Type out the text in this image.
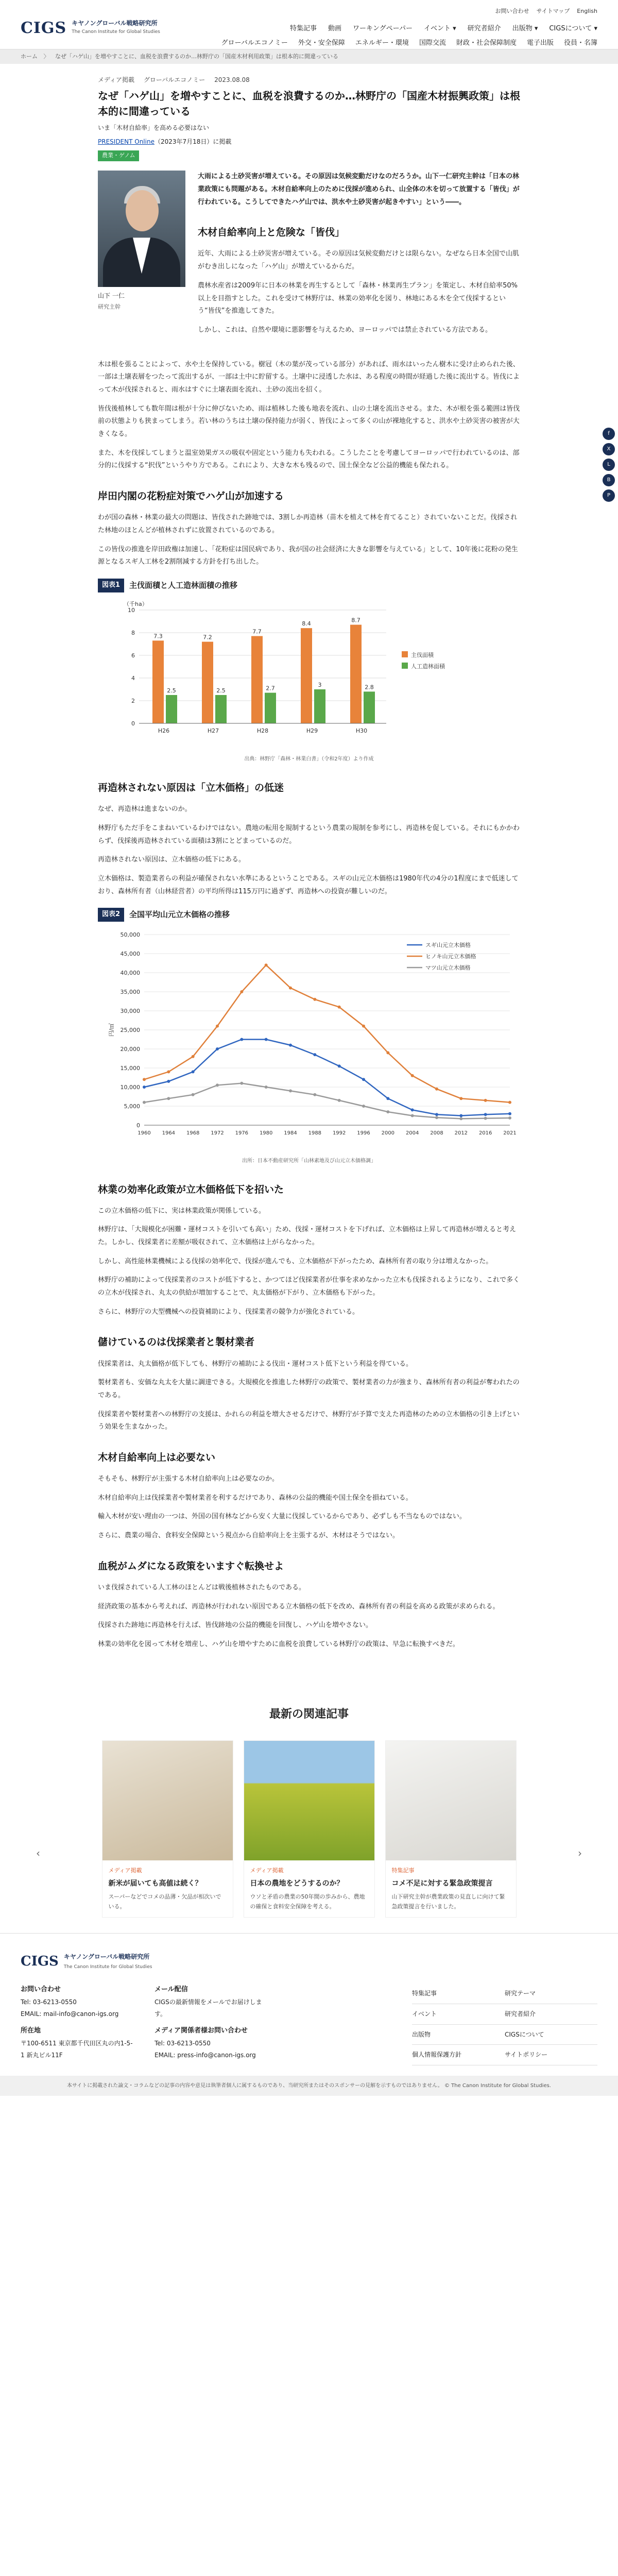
CIGS キヤノングローバル戦略研究所
The Canon Institute for Global Studies
お問い合わせ サイトマップ English
特集記事 動画 ワーキングペーパー イベント ▾ 研究者紹介 出版物 ▾ CIGSについて ▾
グローバルエコノミー 外交・安全保障 エネルギー・環境 国際交流 財政・社会保障制度 電子出版 役員・名簿
ホーム 〉 なぜ「ハゲ山」を増やすことに、血税を浪費するのか…林野庁の「国産木材利用政策」は根本的に間違っている
f
X
L
B
P
メディア掲載 グローバルエコノミー 2023.08.08
なぜ「ハゲ山」を増やすことに、血税を浪費するのか…林野庁の「国産木材振興政策」は根本的に間違っている
いま「木材自給率」を高める必要はない
PRESIDENT Online（2023年7月18日）に掲載
農業・ゲノム
山下 一仁
研究主幹

大雨による土砂災害が増えている。その原因は気候変動だけなのだろうか。山下一仁研究主幹は「日本の林業政策にも問題がある。木材自給率向上のために伐採が進められ、山全体の木を切って放置する「皆伐」が行われている。こうしてできたハゲ山では、洪水や土砂災害が起きやすい」という――。

木材自給率向上と危険な「皆伐」

近年、大雨による土砂災害が増えている。その原因は気候変動だけとは限らない。なぜなら日本全国で山肌がむき出しになった「ハゲ山」が増えているからだ。

農林水産省は2009年に日本の林業を再生するとして「森林・林業再生プラン」を策定し、木材自給率50%以上を目指すとした。これを受けて林野庁は、林業の効率化を図り、林地にある木を全て伐採するという“皆伐”を推進してきた。

しかし、これは、自然や環境に悪影響を与えるため、ヨーロッパでは禁止されている方法である。

木は根を張ることによって、水や土を保持している。樹冠（木の葉が茂っている部分）があれば、雨水はいったん樹木に受け止められた後、一部は土壌表層をつたって流出するが、一部は土中に貯留する。土壌中に浸透した水は、ある程度の時間が経過した後に流出する。皆伐によって木が伐採されると、雨水はすぐに土壌表面を流れ、土砂の流出を招く。

皆伐後植林しても数年間は根が十分に伸びないため、雨は植林した後も地表を流れ、山の土壌を流出させる。また、木が根を張る範囲は皆伐前の状態よりも狭まってしまう。若い林のうちは土壌の保持能力が弱く、皆伐によって多くの山が裸地化すると、洪水や土砂災害の被害が大きくなる。

また、木を伐採してしまうと温室効果ガスの吸収や固定という能力も失われる。こうしたことを考慮してヨーロッパで行われているのは、部分的に伐採する“択伐”というやり方である。これにより、大きな木も残るので、国土保全など公益的機能も保たれる。

岸田内閣の花粉症対策でハゲ山が加速する

わが国の森林・林業の最大の問題は、皆伐された跡地では、3割しか再造林（苗木を植えて林を育てること）されていないことだ。伐採された林地のほとんどが植林されずに放置されているのである。

この皆伐の推進を岸田政権は加速し、「花粉症は国民病であり、我が国の社会経済に大きな影響を与えている」として、10年後に花粉の発生源となるスギ人工林を2割削減する方針を打ち出した。

図表1	主伐面積と人工造林面積の推移
（千ha）
0
2
4
6
8
10
7.3
2.5
H26
7.2
2.5
H27
7.7
2.7
H28
8.4
3
H29
8.7
2.8
H30
主伐面積
人工造林面積
出典：林野庁「森林・林業白書」（令和2年度）より作成
再造林されない原因は「立木価格」の低迷

なぜ、再造林は進まないのか。

林野庁もただ手をこまねいているわけではない。農地の転用を規制するという農業の規制を参考にし、再造林を促している。それにもかかわらず、伐採後再造林されている面積は3割にとどまっているのだ。

再造林されない原因は、立木価格の低下にある。

立木価格は、製造業者らの利益が確保されない水準にあるということである。スギの山元立木価格は1980年代の4分の1程度にまで低迷しており、森林所有者（山林経営者）の平均所得は115万円に過ぎず、再造林への投資が難しいのだ。

図表2	全国平均山元立木価格の推移
0
5,000
10,000
15,000
20,000
25,000
30,000
35,000
40,000
45,000
50,000
円/㎥
1960 1964 1968 1972 1976 1980 1984 1988 1992 1996 2000 2004 2008 2012 2016 2021
スギ山元立木価格
ヒノキ山元立木価格
マツ山元立木価格
出所：日本不動産研究所「山林素地及び山元立木価格調」
林業の効率化政策が立木価格低下を招いた

この立木価格の低下に、実は林業政策が関係している。

林野庁は、「大規模化が困難・運材コストを引いても高い」ため、伐採・運材コストを下げれば、立木価格は上昇して再造林が増えると考えた。しかし、伐採業者に差額が吸収されて、立木価格は上がらなかった。

しかし、高性能林業機械による伐採の効率化で、伐採が進んでも、立木価格が下がったため、森林所有者の取り分は増えなかった。

林野庁の補助によって伐採業者のコストが低下すると、かつてほど伐採業者が仕事を求めなかった立木も伐採されるようになり、これで多くの立木が伐採され、丸太の供給が増加することで、丸太価格が下がり、立木価格も下がった。

さらに、林野庁の大型機械への投資補助により、伐採業者の競争力が強化されている。

儲けているのは伐採業者と製材業者

伐採業者は、丸太価格が低下しても、林野庁の補助による伐出・運材コスト低下という利益を得ている。

製材業者も、安価な丸太を大量に調達できる。大規模化を推進した林野庁の政策で、製材業者の力が強まり、森林所有者の利益が奪われたのである。

伐採業者や製材業者への林野庁の支援は、かれらの利益を増大させるだけで、林野庁が予算で支えた再造林のための立木価格の引き上げという効果を生まなかった。

木材自給率向上は必要ない

そもそも、林野庁が主張する木材自給率向上は必要なのか。

木材自給率向上は伐採業者や製材業者を利するだけであり、森林の公益的機能や国土保全を損ねている。

輸入木材が安い理由の一つは、外国の国有林などから安く大量に伐採しているからであり、必ずしも不当なものではない。

さらに、農業の場合、食料安全保障という視点から自給率向上を主張するが、木材はそうではない。

血税がムダになる政策をいますぐ転換せよ

いま伐採されている人工林のほとんどは戦後植林されたものである。

経済政策の基本から考えれば、再造林が行われない原因である立木価格の低下を改め、森林所有者の利益を高める政策が求められる。

伐採された跡地に再造林を行えば、皆伐跡地の公益的機能を回復し、ハゲ山を増やさない。

林業の効率化を図って木材を増産し、ハゲ山を増やすために血税を浪費している林野庁の政策は、早急に転換すべきだ。

最新の関連記事
‹
メディア掲載
新米が届いても高値は続く？
スーパーなどでコメの品薄・欠品が相次いでいる。
メディア掲載
日本の農地をどうするのか？
ウソと矛盾の農業の50年間の歩みから、農地の確保と食料安全保障を考える。
特集記事
コメ不足に対する緊急政策提言
山下研究主幹が農業政策の見直しに向けて緊急政策提言を行いました。
›
CIGS キヤノングローバル戦略研究所
The Canon Institute for Global Studies
お問い合わせ
Tel: 03-6213-0550
EMAIL: mail-info@canon-igs.org
所在地
〒100-6511 東京都千代田区丸の内1-5-1 新丸ビル11F
メール配信
CIGSの最新情報をメールでお届けします。
メディア関係者様お問い合わせ
Tel: 03-6213-0550
EMAIL: press-info@canon-igs.org
特集記事	研究テーマ
イベント	研究者紹介
出版物	CIGSについて
個人情報保護方針	サイトポリシー
本サイトに掲載された論文・コラムなどの記事の内容や意見は執筆者個人に属するものであり、当研究所またはそのスポンサーの見解を示すものではありません。 © The Canon Institute for Global Studies.
